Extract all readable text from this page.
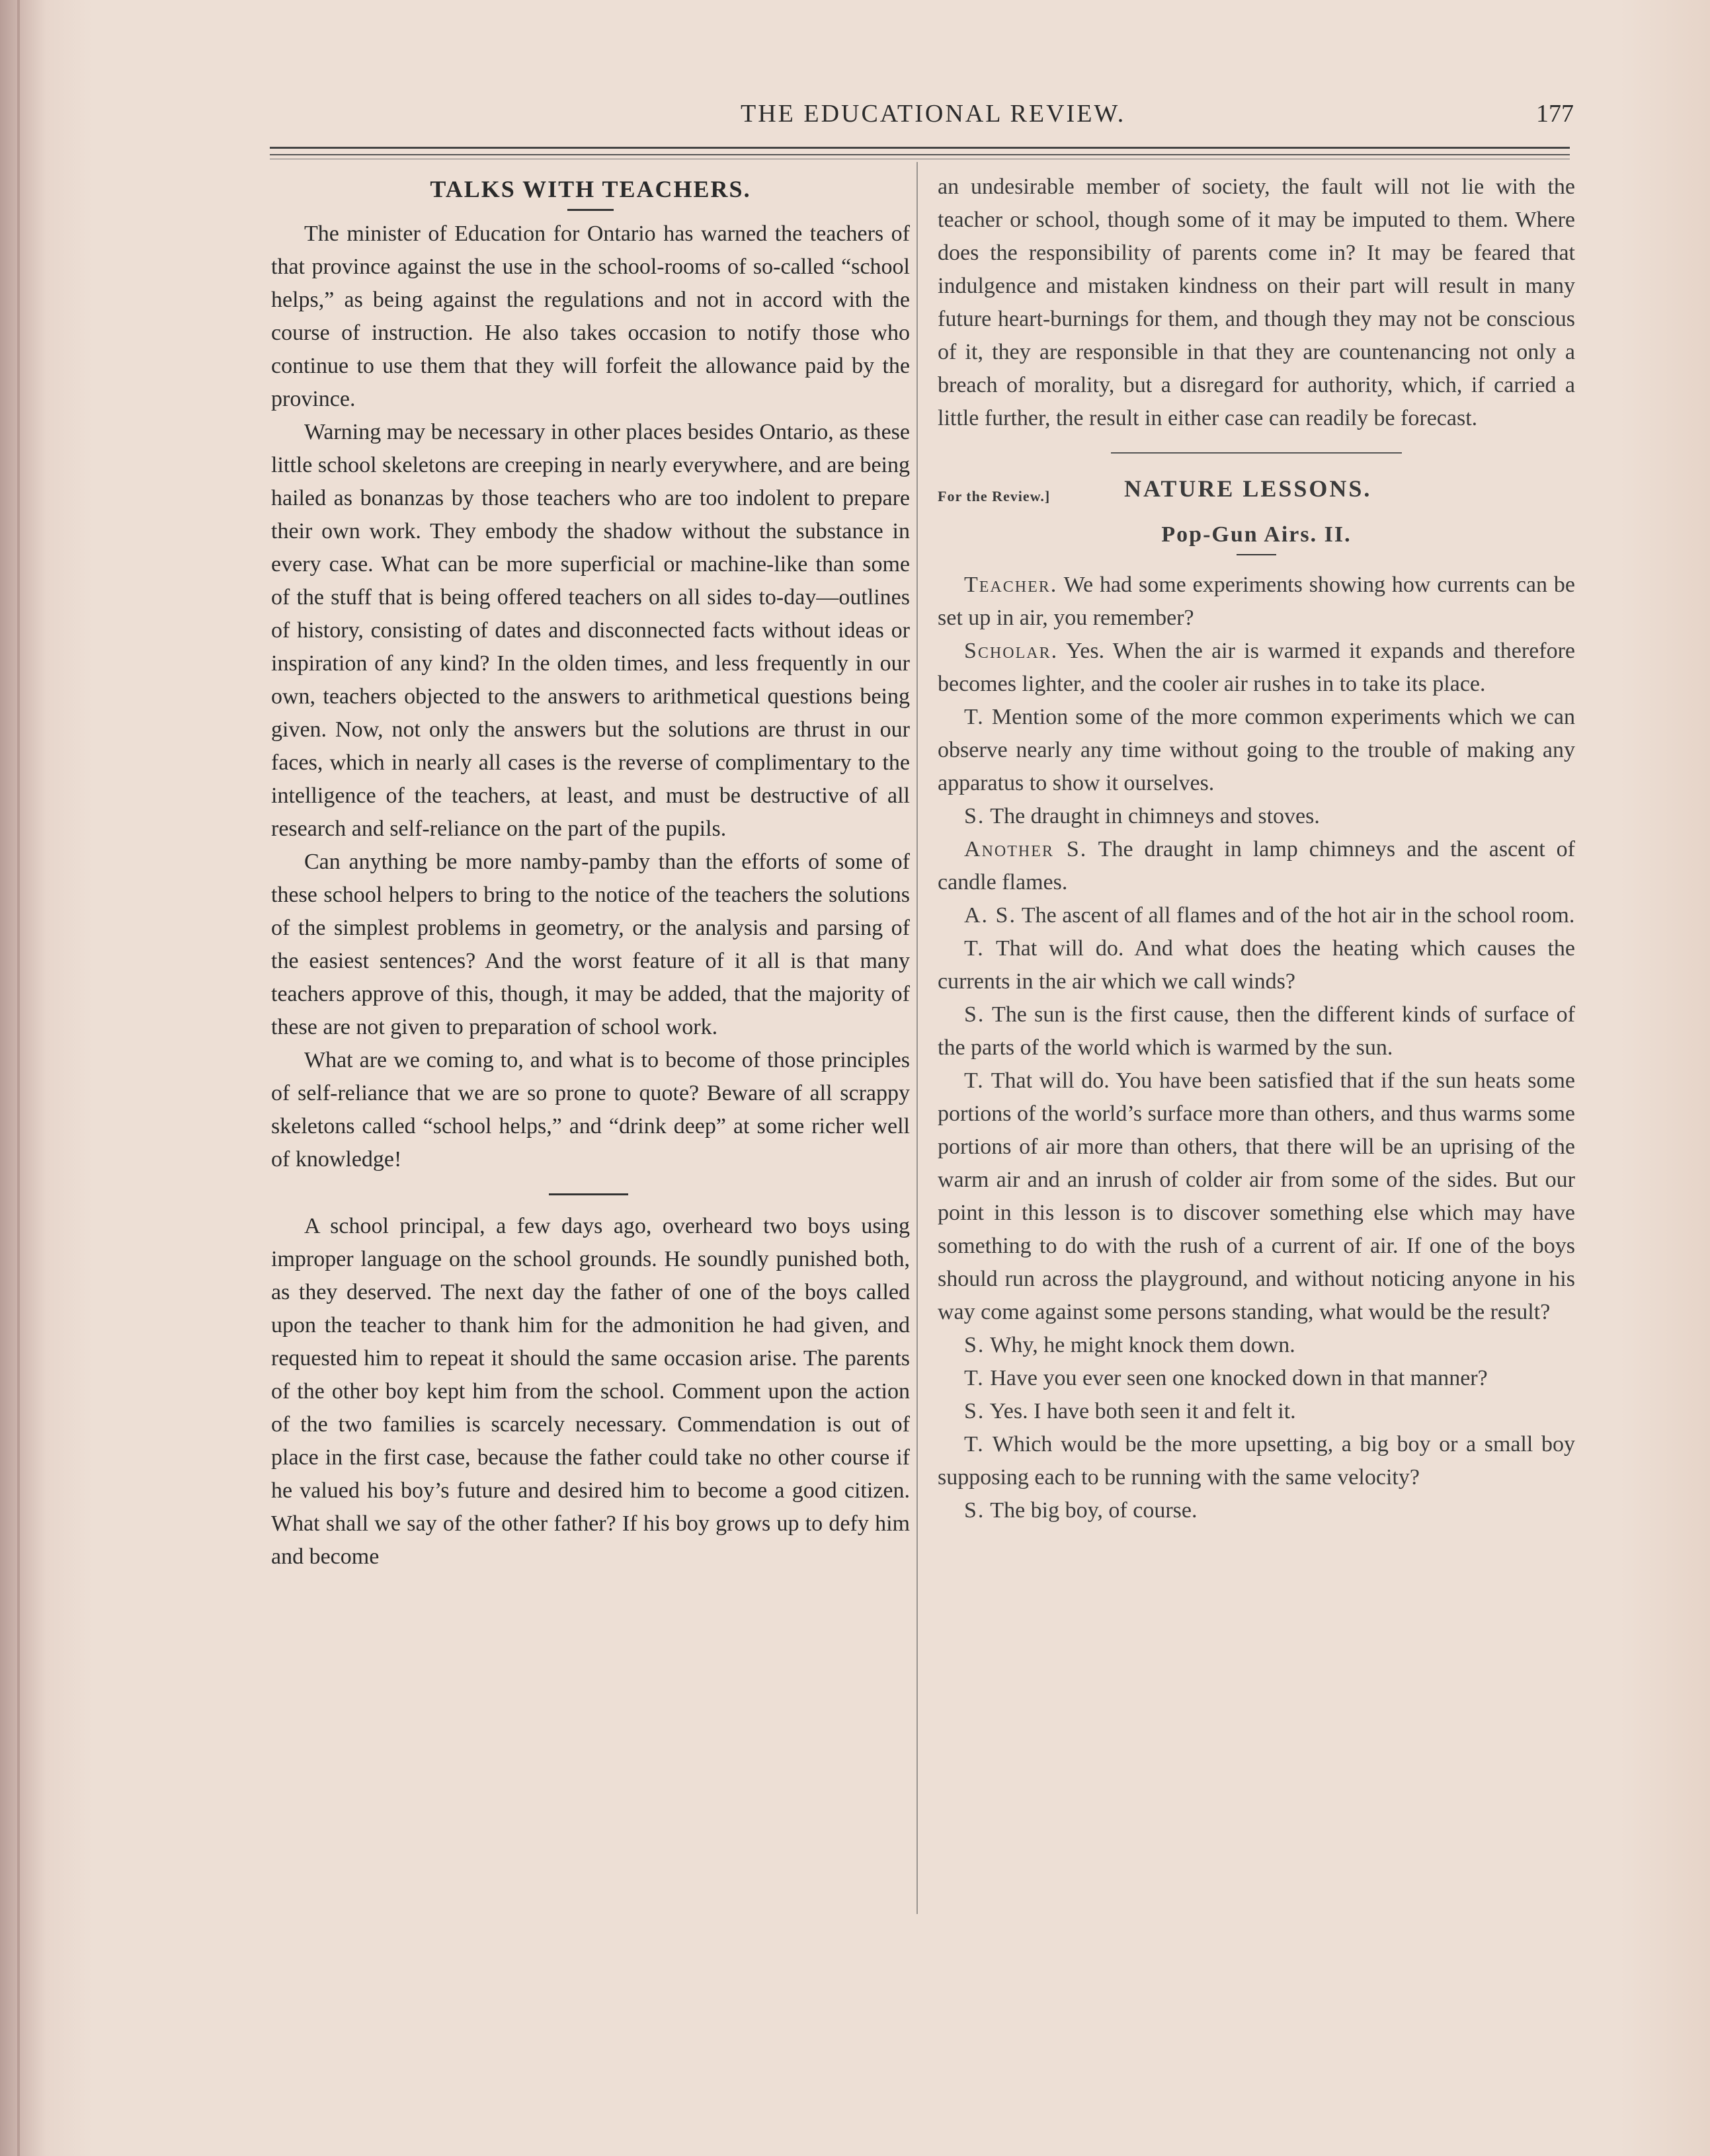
THE EDUCATIONAL REVIEW.	177
TALKS WITH TEACHERS.

The minister of Education for Ontario has warned the teachers of that province against the use in the school-rooms of so-called “school helps,” as being against the regulations and not in accord with the course of instruction. He also takes occasion to notify those who continue to use them that they will forfeit the allowance paid by the province.

Warning may be necessary in other places besides Ontario, as these little school skeletons are creeping in nearly everywhere, and are being hailed as bonanzas by those teachers who are too indolent to prepare their own work. They embody the shadow without the substance in every case. What can be more superficial or machine-like than some of the stuff that is being offered teachers on all sides to-day—outlines of history, consisting of dates and disconnected facts without ideas or inspiration of any kind? In the olden times, and less frequently in our own, teachers objected to the answers to arithmetical questions being given. Now, not only the answers but the solutions are thrust in our faces, which in nearly all cases is the reverse of complimentary to the intelligence of the teachers, at least, and must be destructive of all research and self-reliance on the part of the pupils.

Can anything be more namby-pamby than the efforts of some of these school helpers to bring to the notice of the teachers the solutions of the simplest problems in geometry, or the analysis and parsing of the easiest sentences? And the worst feature of it all is that many teachers approve of this, though, it may be added, that the majority of these are not given to preparation of school work.

What are we coming to, and what is to become of those principles of self-reliance that we are so prone to quote? Beware of all scrappy skeletons called “school helps,” and “drink deep” at some richer well of knowledge!

A school principal, a few days ago, overheard two boys using improper language on the school grounds. He soundly punished both, as they deserved. The next day the father of one of the boys called upon the teacher to thank him for the admonition he had given, and requested him to repeat it should the same occasion arise. The parents of the other boy kept him from the school. Comment upon the action of the two families is scarcely necessary. Commendation is out of place in the first case, because the father could take no other course if he valued his boy’s future and desired him to become a good citizen. What shall we say of the other father? If his boy grows up to defy him and become

an undesirable member of society, the fault will not lie with the teacher or school, though some of it may be imputed to them. Where does the responsibility of parents come in? It may be feared that indulgence and mistaken kindness on their part will result in many future heart-burnings for them, and though they may not be conscious of it, they are responsible in that they are countenancing not only a breach of morality, but a disregard for authority, which, if carried a little further, the result in either case can readily be forecast.

For the Review.]	NATURE LESSONS.
Pop-Gun Airs. II.

Teacher. We had some experiments showing how currents can be set up in air, you remember?

Scholar. Yes. When the air is warmed it expands and therefore becomes lighter, and the cooler air rushes in to take its place.

T. Mention some of the more common experiments which we can observe nearly any time without going to the trouble of making any apparatus to show it ourselves.

S. The draught in chimneys and stoves.

Another S. The draught in lamp chimneys and the ascent of candle flames.

A. S. The ascent of all flames and of the hot air in the school room.

T. That will do. And what does the heating which causes the currents in the air which we call winds?

S. The sun is the first cause, then the different kinds of surface of the parts of the world which is warmed by the sun.

T. That will do. You have been satisfied that if the sun heats some portions of the world’s surface more than others, and thus warms some portions of air more than others, that there will be an uprising of the warm air and an inrush of colder air from some of the sides. But our point in this lesson is to discover something else which may have something to do with the rush of a current of air. If one of the boys should run across the playground, and without noticing anyone in his way come against some persons standing, what would be the result?

S. Why, he might knock them down.

T. Have you ever seen one knocked down in that manner?

S. Yes. I have both seen it and felt it.

T. Which would be the more upsetting, a big boy or a small boy supposing each to be running with the same velocity?

S. The big boy, of course.
